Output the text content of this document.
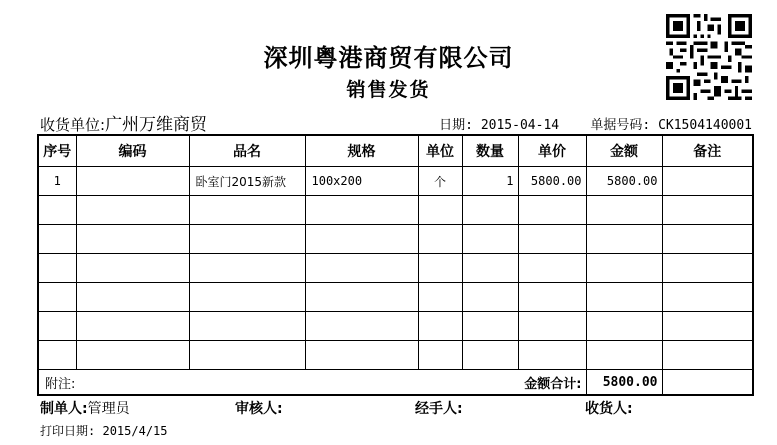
深圳粤港商贸有限公司
销售发货
收货单位:广州万维商贸	日期: 2015-04-14 单据号码: CK1504140001
序号	编码	品名	规格	单位	数量	单价	金额	备注
1		卧室门2015新款	100x200	个	1	5800.00	5800.00	

附注:					金额合计:		5800.00	
制单人:管理员	审核人:	经手人:	收货人:
打印日期: 2015/4/15
